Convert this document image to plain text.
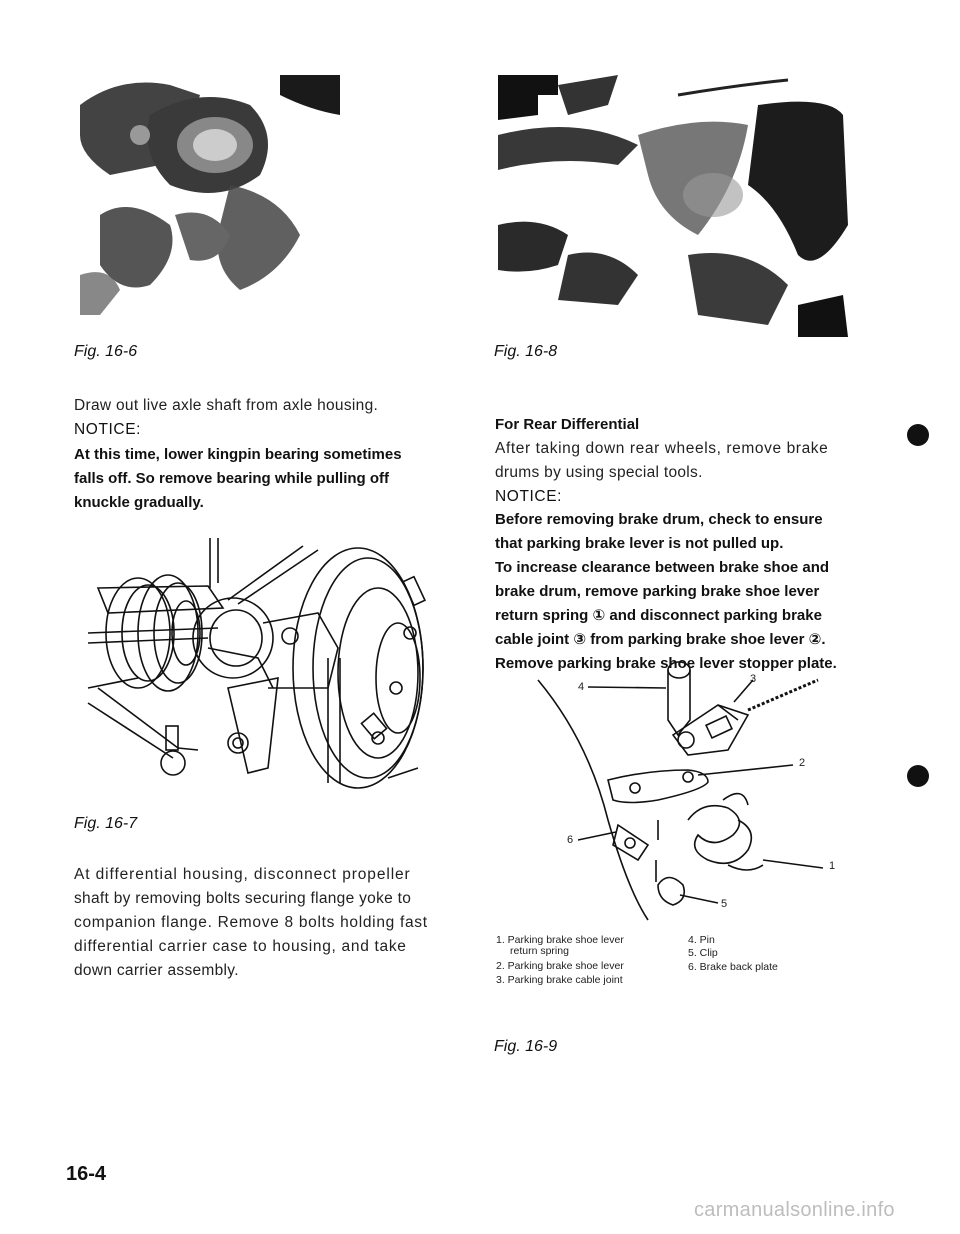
Fig. 16-6	Fig. 16-8
Draw out live axle shaft from axle housing.
NOTICE:
At this time, lower kingpin bearing sometimes
falls off. So remove bearing while pulling off
knuckle gradually.
Fig. 16-7
At differential housing, disconnect propeller
shaft by removing bolts securing flange yoke to
companion flange. Remove 8 bolts holding fast
differential carrier case to housing, and take
down carrier assembly.
For Rear Differential
After taking down rear wheels, remove brake
drums by using special tools.
NOTICE:
Before removing brake drum, check to ensure
that parking brake lever is not pulled up.
To increase clearance between brake shoe and
brake drum, remove parking brake shoe lever
return spring ① and disconnect parking brake
cable joint ③ from parking brake shoe lever ②.
Remove parking brake shoe lever stopper plate.
1
2
3
4
5
6
1. Parking brake shoe lever
return spring
2. Parking brake shoe lever
3. Parking brake cable joint
4. Pin
5. Clip
6. Brake back plate
Fig. 16-9
16-4
carmanualsonline.info
